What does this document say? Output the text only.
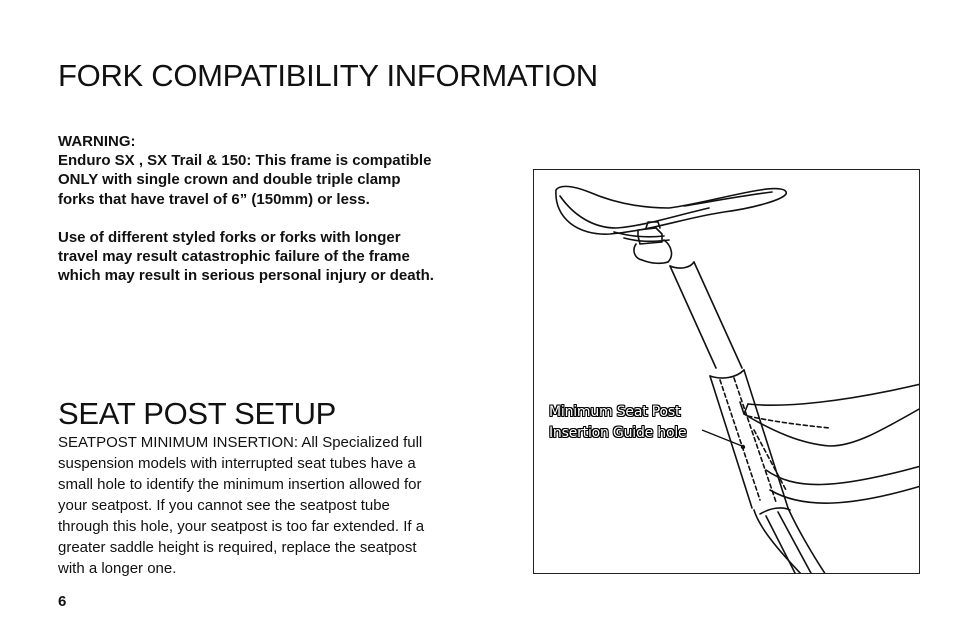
FORK COMPATIBILITY INFORMATION

WARNING:
Enduro SX , SX Trail & 150: This frame is compatible ONLY with single crown and double triple clamp forks that have travel of 6” (150mm) or less.

Use of different styled forks or forks with longer travel may result catastrophic failure of the frame which may result in serious personal injury or death.

SEAT POST SETUP

SEATPOST MINIMUM INSERTION: All Specialized full suspension models with interrupted seat tubes have a small hole to identify the minimum insertion allowed for your seatpost. If you cannot see the seatpost tube through this hole, your seatpost is too far extended. If a greater saddle height is required, replace the seatpost with a longer one.

6
Minimum Seat Post
Insertion Guide hole
